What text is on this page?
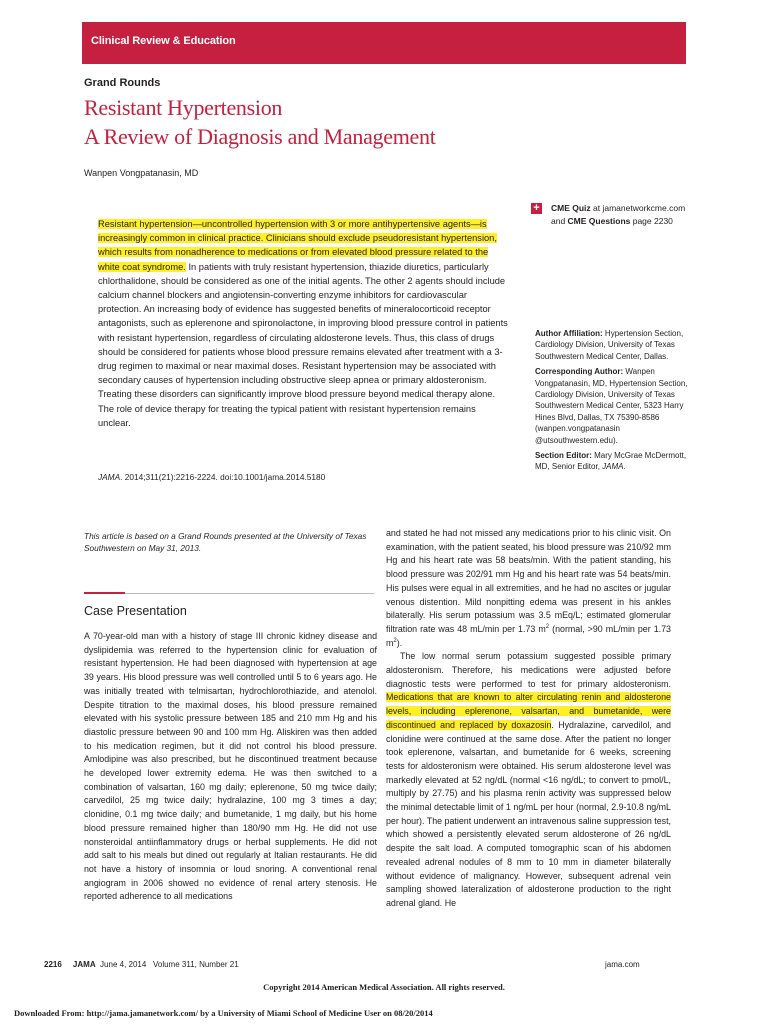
Clinical Review & Education
Grand Rounds
Resistant Hypertension
A Review of Diagnosis and Management
Wanpen Vongpatanasin, MD
Resistant hypertension—uncontrolled hypertension with 3 or more antihypertensive agents—is increasingly common in clinical practice. Clinicians should exclude pseudoresistant hypertension, which results from nonadherence to medications or from elevated blood pressure related to the white coat syndrome. In patients with truly resistant hypertension, thiazide diuretics, particularly chlorthalidone, should be considered as one of the initial agents. The other 2 agents should include calcium channel blockers and angiotensin-converting enzyme inhibitors for cardiovascular protection. An increasing body of evidence has suggested benefits of mineralocorticoid receptor antagonists, such as eplerenone and spironolactone, in improving blood pressure control in patients with resistant hypertension, regardless of circulating aldosterone levels. Thus, this class of drugs should be considered for patients whose blood pressure remains elevated after treatment with a 3-drug regimen to maximal or near maximal doses. Resistant hypertension may be associated with secondary causes of hypertension including obstructive sleep apnea or primary aldosteronism. Treating these disorders can significantly improve blood pressure beyond medical therapy alone. The role of device therapy for treating the typical patient with resistant hypertension remains unclear.
JAMA. 2014;311(21):2216-2224. doi:10.1001/jama.2014.5180
+ CME Quiz at jamanetworkcme.com and CME Questions page 2230

Author Affiliation: Hypertension Section, Cardiology Division, University of Texas Southwestern Medical Center, Dallas.

Corresponding Author: Wanpen Vongpatanasin, MD, Hypertension Section, Cardiology Division, University of Texas Southwestern Medical Center, 5323 Harry Hines Blvd, Dallas, TX 75390-8586 (wanpen.vongpatanasin @utsouthwestern.edu).

Section Editor: Mary McGrae McDermott, MD, Senior Editor, JAMA.

This article is based on a Grand Rounds presented at the University of Texas Southwestern on May 31, 2013.
Case Presentation
A 70-year-old man with a history of stage III chronic kidney disease and dyslipidemia was referred to the hypertension clinic for evaluation of resistant hypertension. He had been diagnosed with hypertension at age 39 years. His blood pressure was well controlled until 5 to 6 years ago. He was initially treated with telmisartan, hydrochlorothiazide, and atenolol. Despite titration to the maximal doses, his blood pressure remained elevated with his systolic pressure between 185 and 210 mm Hg and his diastolic pressure between 90 and 100 mm Hg. Aliskiren was then added to his medication regimen, but it did not control his blood pressure. Amlodipine was also prescribed, but he discontinued treatment because he developed lower extremity edema. He was then switched to a combination of valsartan, 160 mg daily; eplerenone, 50 mg twice daily; carvedilol, 25 mg twice daily; hydralazine, 100 mg 3 times a day; clonidine, 0.1 mg twice daily; and bumetanide, 1 mg daily, but his home blood pressure remained higher than 180/90 mm Hg. He did not use nonsteroidal antiinflammatory drugs or herbal supplements. He did not add salt to his meals but dined out regularly at Italian restaurants. He did not have a history of insomnia or loud snoring. A conventional renal angiogram in 2006 showed no evidence of renal artery stenosis. He reported adherence to all medications

and stated he had not missed any medications prior to his clinic visit. On examination, with the patient seated, his blood pressure was 210/92 mm Hg and his heart rate was 58 beats/min. With the patient standing, his blood pressure was 202/91 mm Hg and his heart rate was 54 beats/min. His pulses were equal in all extremities, and he had no ascites or jugular venous distention. Mild nonpitting edema was present in his ankles bilaterally. His serum potassium was 3.5 mEq/L; estimated glomerular filtration rate was 48 mL/min per 1.73 $m^2$ (normal, >90 mL/min per 1.73 $m^2$).

The low normal serum potassium suggested possible primary aldosteronism. Therefore, his medications were adjusted before diagnostic tests were performed to test for primary aldosteronism. Medications that are known to alter circulating renin and aldosterone levels, including eplerenone, valsartan, and bumetanide, were discontinued and replaced by doxazosin. Hydralazine, carvedilol, and clonidine were continued at the same dose. After the patient no longer took eplerenone, valsartan, and bumetanide for 6 weeks, screening tests for aldosteronism were obtained. His serum aldosterone level was markedly elevated at 52 ng/dL (normal <16 ng/dL; to convert to pmol/L, multiply by 27.75) and his plasma renin activity was suppressed below the minimal detectable limit of 1 ng/mL per hour (normal, 2.9-10.8 ng/mL per hour). The patient underwent an intravenous saline suppression test, which showed a persistently elevated serum aldosterone of 26 ng/dL despite the salt load. A computed tomographic scan of his abdomen revealed adrenal nodules of 8 mm to 10 mm in diameter bilaterally without evidence of malignancy. However, subsequent adrenal vein sampling showed lateralization of aldosterone production to the right adrenal gland. He

2216 JAMA June 4, 2014   Volume 311, Number 21	jama.com
Copyright 2014 American Medical Association. All rights reserved.
Downloaded From: http://jama.jamanetwork.com/ by a University of Miami School of Medicine User on 08/20/2014
